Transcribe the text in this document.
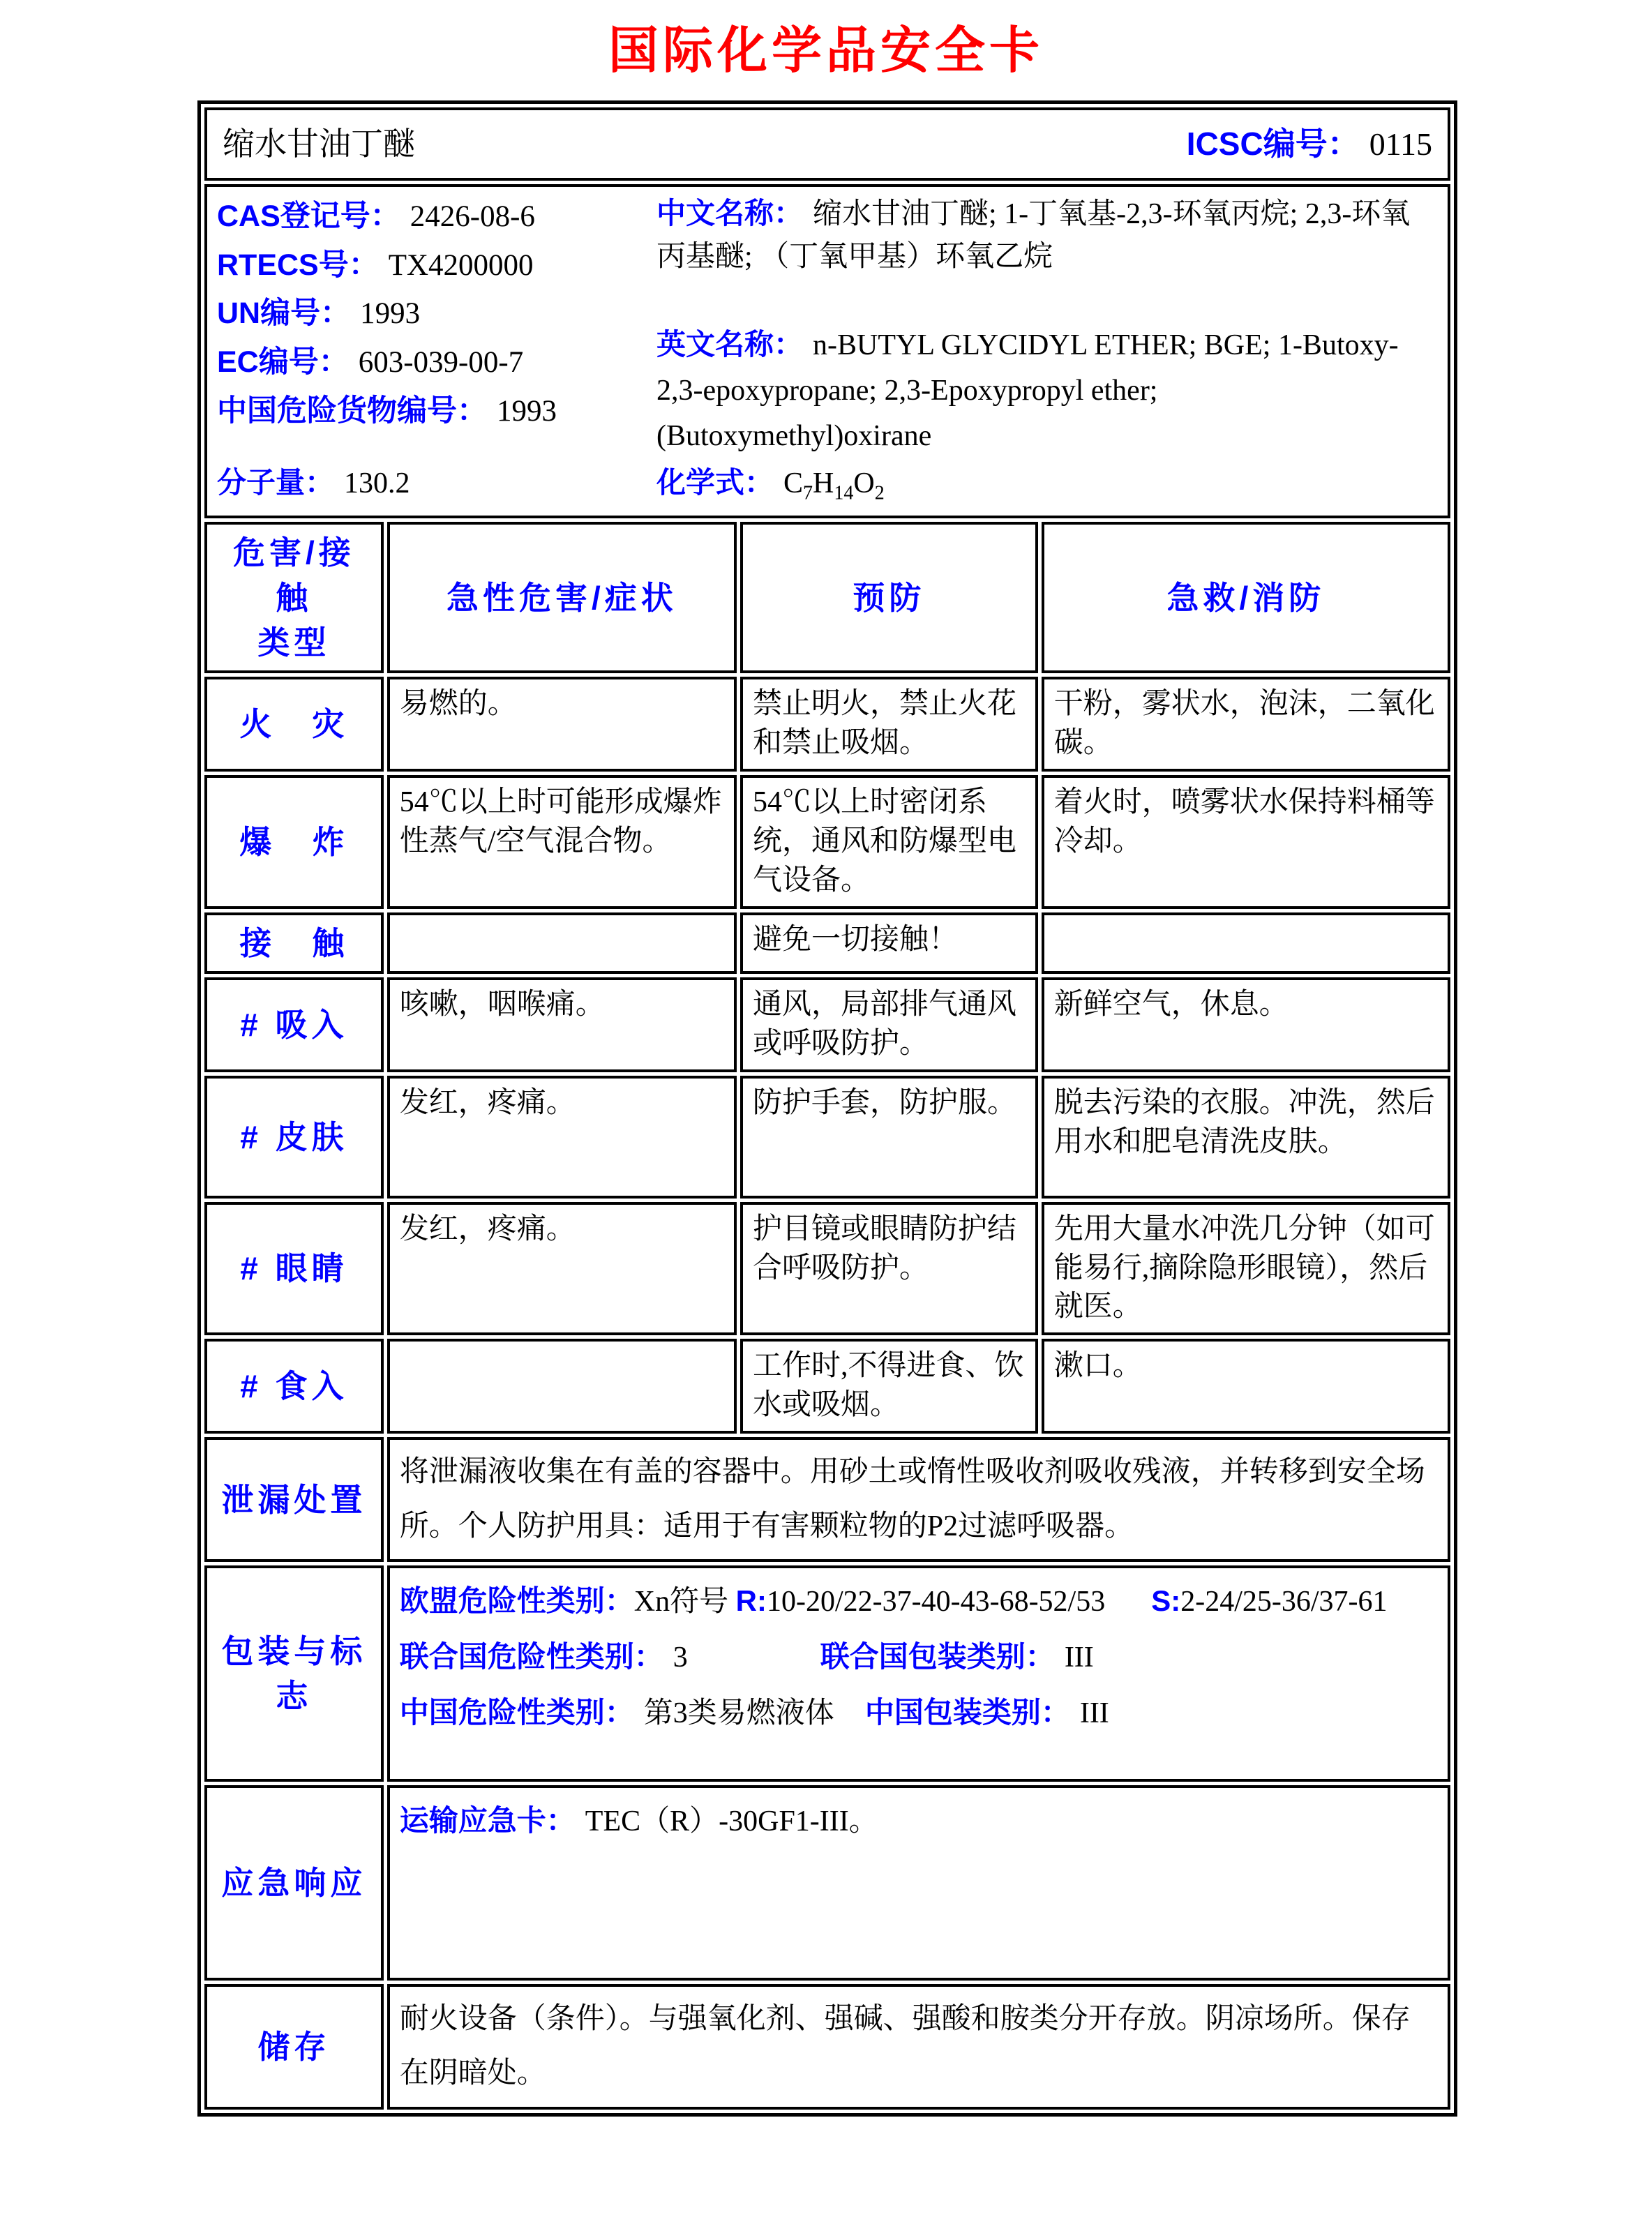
国际化学品安全卡
缩水甘油丁醚 ICSC编号： 0115			

CAS登记号： 2426-08-6
RTECS号： TX4200000
UN编号： 1993
EC编号： 603-039-00-7
中国危险货物编号： 1993
中文名称： 缩水甘油丁醚; 1-丁氧基-2,3-环氧丙烷; 2,3-环氧丙基醚; （丁氧甲基）环氧乙烷
英文名称： n-BUTYL GLYCIDYL ETHER; BGE; 1-Butoxy-2,3-epoxypropane; 2,3-Epoxypropyl ether; (Butoxymethyl)oxirane
分子量： 130.2	化学式： $C_7H_{14}O_2$

危害/接触
类型	急性危害/症状	预防	急救/消防
火　灾	易燃的。	禁止明火，禁止火花和禁止吸烟。	干粉，雾状水，泡沫，二氧化碳。
爆　炸	54℃以上时可能形成爆炸性蒸气/空气混合物。	54℃以上时密闭系统，通风和防爆型电气设备。	着火时，喷雾状水保持料桶等冷却。
接　触		避免一切接触！	
# 吸入	咳嗽，咽喉痛。	通风，局部排气通风或呼吸防护。	新鲜空气，休息。
# 皮肤	发红，疼痛。	防护手套，防护服。	脱去污染的衣服。冲洗，然后用水和肥皂清洗皮肤。
# 眼睛	发红，疼痛。	护目镜或眼睛防护结合呼吸防护。	先用大量水冲洗几分钟（如可能易行,摘除隐形眼镜），然后就医。
# 食入		工作时,不得进食、饮水或吸烟。	漱口。
泄漏处置	将泄漏液收集在有盖的容器中。用砂土或惰性吸收剂吸收残液，并转移到安全场所。个人防护用具：适用于有害颗粒物的P2过滤呼吸器。		
包装与标志	欧盟危险性类别：Xn符号 R:10-20/22-37-40-43-68-52/53 S:2-24/25-36/37-61
联合国危险性类别： 3 联合国包装类别： III
中国危险性类别： 第3类易燃液体 中国包装类别： III		

应急响应	运输应急卡： TEC（R）-30GF1-III。		
储存	耐火设备（条件）。与强氧化剂、强碱、强酸和胺类分开存放。阴凉场所。保存在阴暗处。		
